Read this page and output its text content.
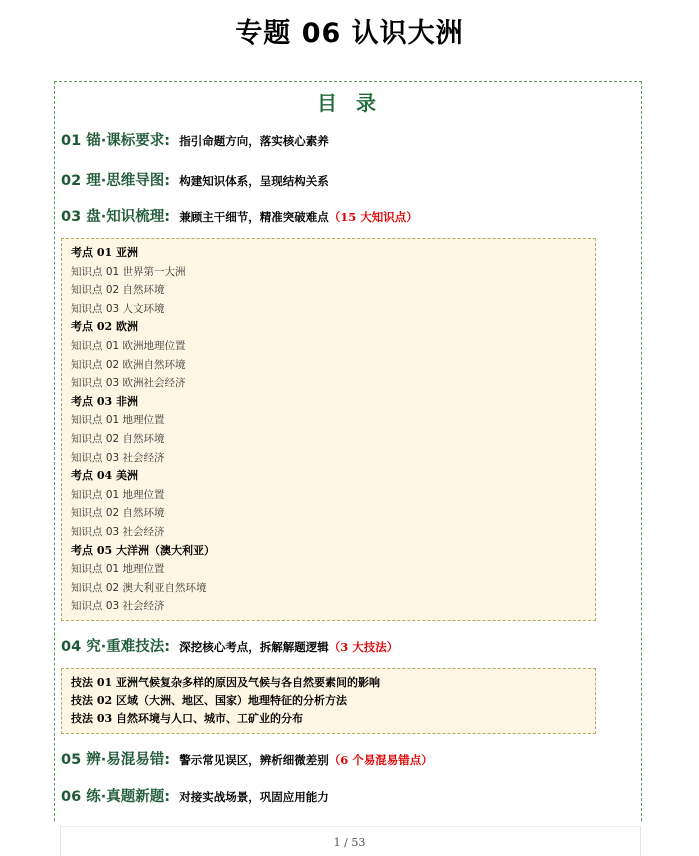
专题 06 认识大洲
目 录
01 锚·课标要求: 指引命题方向，落实核心素养
02 理·思维导图: 构建知识体系，呈现结构关系
03 盘·知识梳理: 兼顾主干细节，精准突破难点（15 大知识点）
考点 01 亚洲
知识点 01 世界第一大洲
知识点 02 自然环境
知识点 03 人文环境
考点 02 欧洲
知识点 01 欧洲地理位置
知识点 02 欧洲自然环境
知识点 03 欧洲社会经济
考点 03 非洲
知识点 01 地理位置
知识点 02 自然环境
知识点 03 社会经济
考点 04 美洲
知识点 01 地理位置
知识点 02 自然环境
知识点 03 社会经济
考点 05 大洋洲（澳大利亚）
知识点 01 地理位置
知识点 02 澳大利亚自然环境
知识点 03 社会经济
04 究·重难技法: 深挖核心考点，拆解解题逻辑（3 大技法）
技法 01 亚洲气候复杂多样的原因及气候与各自然要素间的影响
技法 02 区域（大洲、地区、国家）地理特征的分析方法
技法 03 自然环境与人口、城市、工矿业的分布
05 辨·易混易错: 警示常见误区，辨析细微差别（6 个易混易错点）
06 练·真题新题: 对接实战场景，巩固应用能力
1 / 53
